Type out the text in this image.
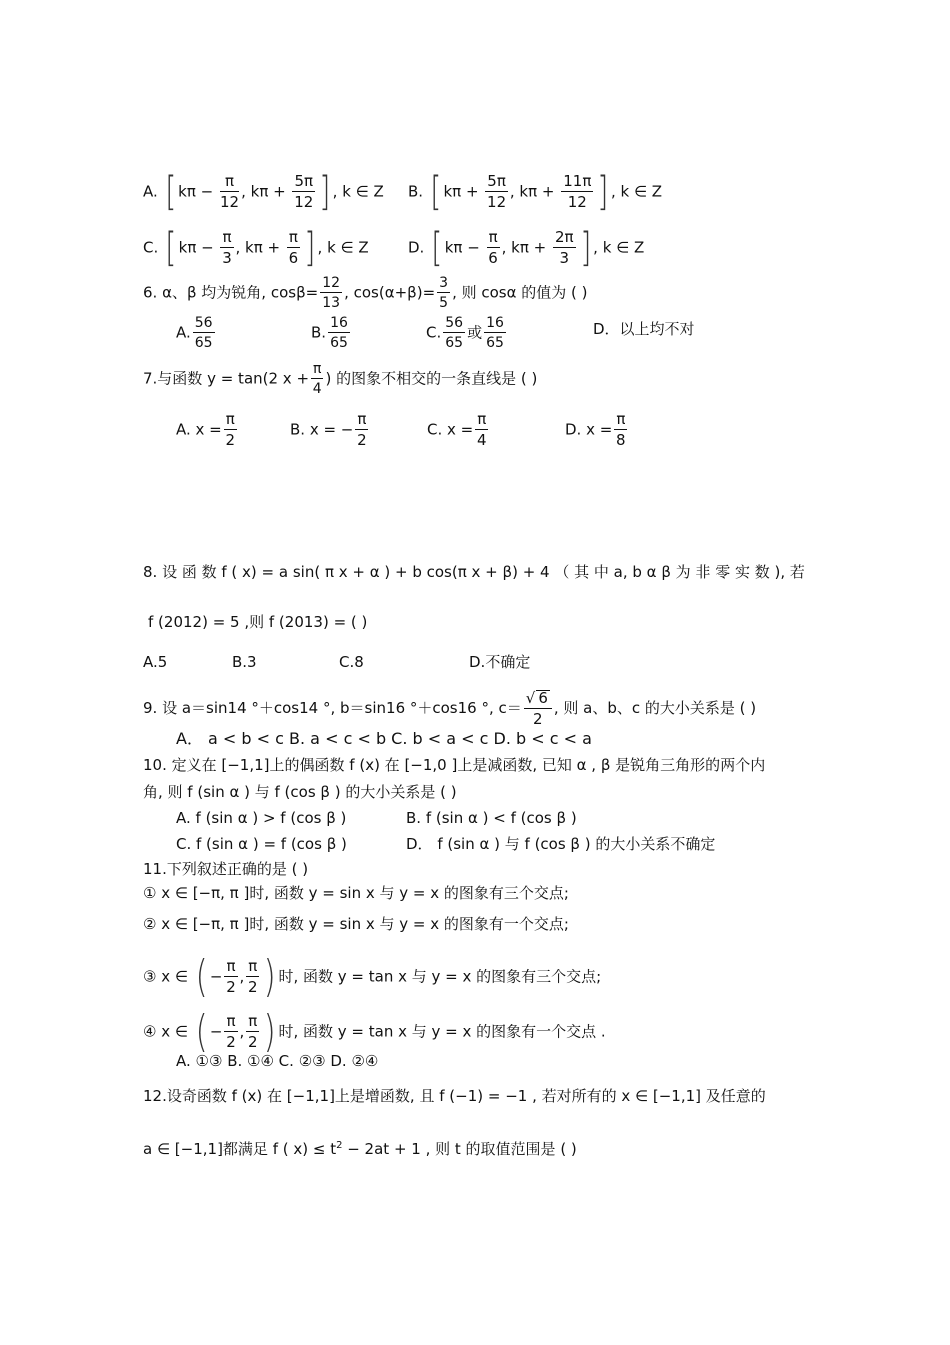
A. [ $k\pi - \frac{\pi}{12}$ , $k\pi + \frac{5\pi}{12}$ ] , k ∈ Z B. [ $k\pi + \frac{5\pi}{12}$ , $k\pi + \frac{11\pi}{12}$ ] , k ∈ Z
C. [ $k\pi - \frac{\pi}{3}$ , $k\pi + \frac{\pi}{6}$ ] , k ∈ Z	D. [ $k\pi - \frac{\pi}{6}$ , $k\pi + \frac{2\pi}{3}$ ] , k ∈ Z
6. α、β 均为锐角, $\cos\beta= \frac{12}{13}$ , $\cos(\alpha+\beta)= \frac{3}{5}$ , 则 cosα 的值为 ( )
A. $\frac{56}{65}$	B. $\frac{16}{65}$	C. $\frac{56}{65}$ 或 $\frac{16}{65}$	D．以上均不对
7.与函数 y = tan(2 $x + \frac{\pi}{4}$ ) 的图象不相交的一条直线是 ( )
A. $x = \frac{\pi}{2}$	B. x = − $\frac{\pi}{2}$	C. $x = \frac{\pi}{4}$	D. $x = \frac{\pi}{8}$
8. 设 函 数 f ( x) = a sin( π x + α ) + b cos(π x + β) + 4 （ 其 中 a, b α β 为 非 零 实 数 ), 若
f (2012) = 5 ,则 f (2013) = ( )
A.5	B.3	C.8	D.不确定
9. 设 a＝sin14 °＋cos14 °, b＝sin16 °＋cos16 °, $c= \frac{√ 6}{2}$ , 则 a、b、c 的大小关系是 ( )
A． a < b < c B. a < c < b C. b < a < c D. b < c < a
10. 定义在 [−1,1]上的偶函数 f (x) 在 [−1,0 ]上是减函数, 已知 α , β 是锐角三角形的两个内
角, 则 f (sin α ) 与 f (cos β ) 的大小关系是 ( )
A. f (sin α ) > f (cos β )	B. f (sin α ) < f (cos β )
C. f (sin α ) = f (cos β )	D． f (sin α ) 与 f (cos β ) 的大小关系不确定
11.下列叙述正确的是 ( )
① x ∈ [−π, π ]时, 函数 y = sin x 与 y = x 的图象有三个交点;
② x ∈ [−π, π ]时, 函数 y = sin x 与 y = x 的图象有一个交点;
③ x ∈ ( − $\frac{\pi}{2}$ , $\frac{\pi}{2}$ ) 时, 函数 y = tan x 与 y = x 的图象有三个交点;
④ x ∈ ( − $\frac{\pi}{2}$ , $\frac{\pi}{2}$ ) 时, 函数 y = tan x 与 y = x 的图象有一个交点 .
A. ①③ B. ①④ C. ②③ D. ②④
12.设奇函数 f (x) 在 [−1,1]上是增函数, 且 f (−1) = −1 , 若对所有的 x ∈ [−1,1] 及任意的
a ∈ [−1,1]都满足 f ( $x) \le t^2 - 2at + 1$ , 则 t 的取值范围是 ( )
